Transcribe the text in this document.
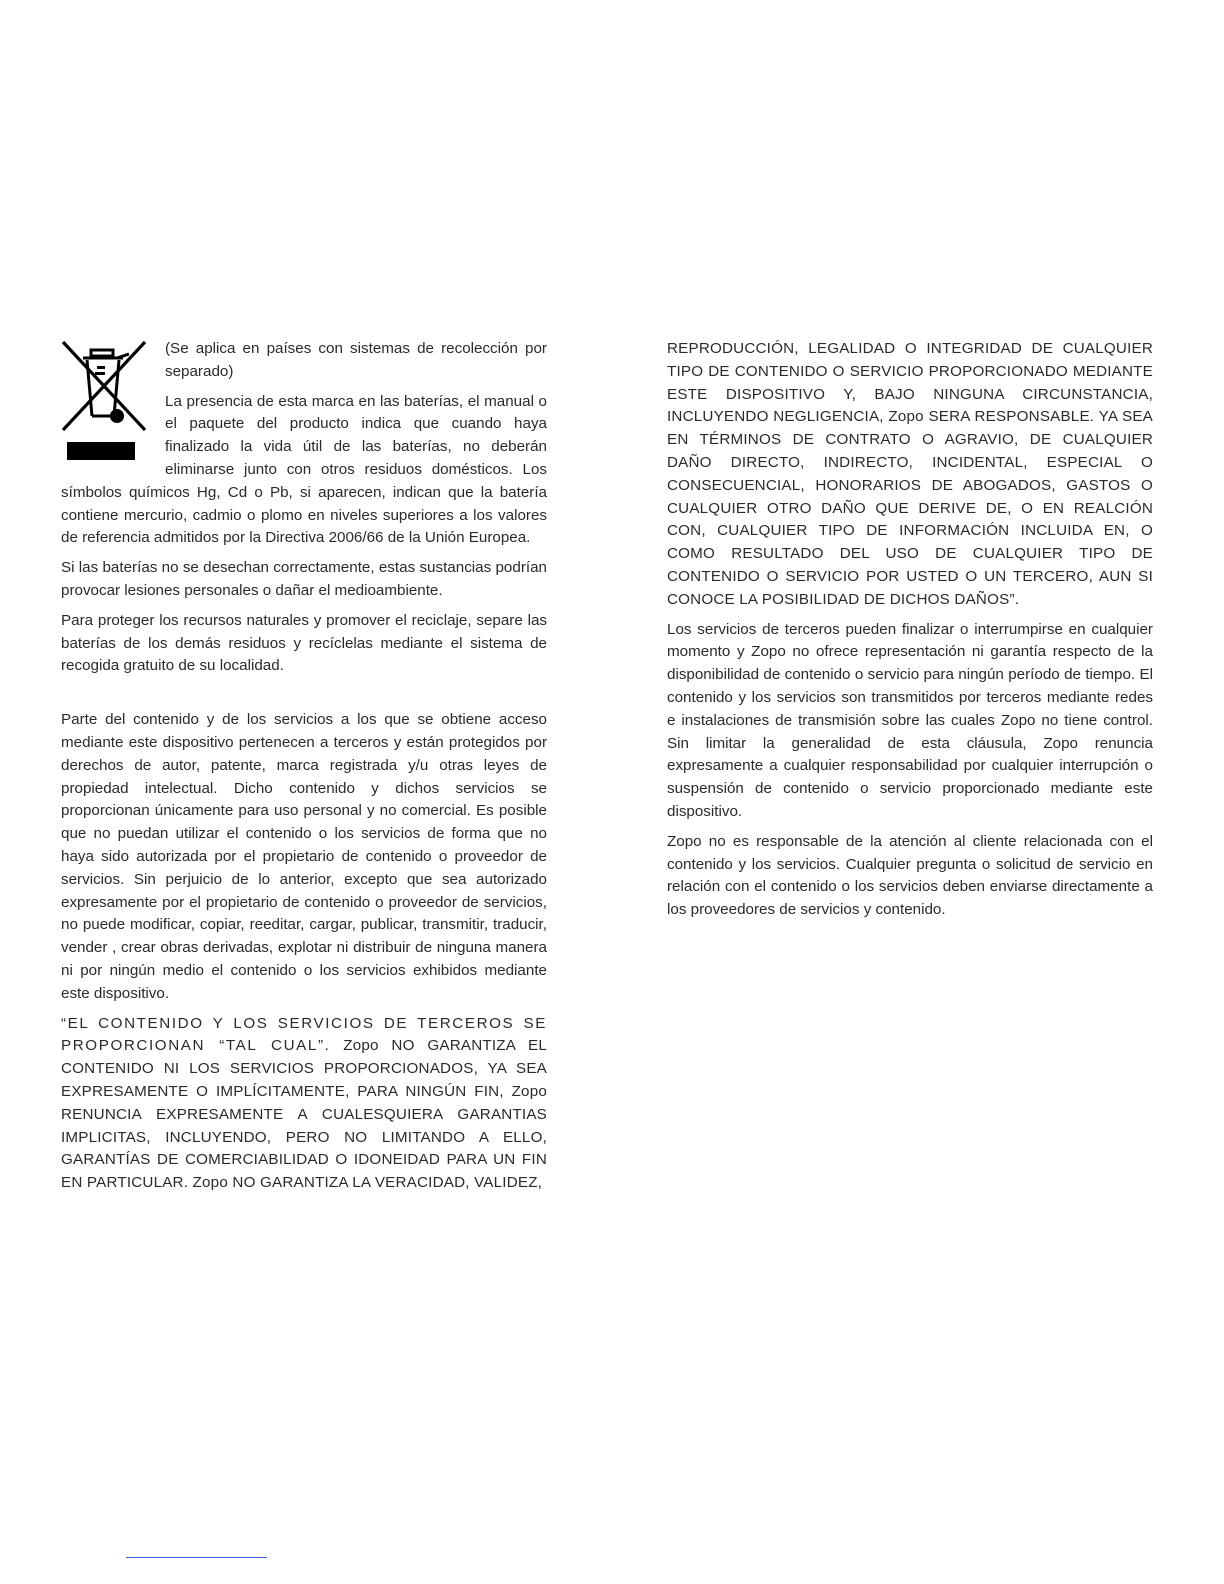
(Se aplica en países con sistemas de recolección por separado)

La presencia de esta marca en las baterías, el manual o el paquete del producto indica que cuando haya finalizado la vida útil de las baterías, no deberán eliminarse junto con otros residuos domésticos. Los símbolos químicos Hg, Cd o Pb, si aparecen, indican que la batería contiene mercurio, cadmio o plomo en niveles superiores a los valores de referencia admitidos por la Directiva 2006/66 de la Unión Europea.

Si las baterías no se desechan correctamente, estas sustancias podrían provocar lesiones personales o dañar el medioambiente.

Para proteger los recursos naturales y promover el reciclaje, separe las baterías de los demás residuos y recíclelas mediante el sistema de recogida gratuito de su localidad.

Parte del contenido y de los servicios a los que se obtiene acceso mediante este dispositivo pertenecen a terceros y están protegidos por derechos de autor, patente, marca registrada y/u otras leyes de propiedad intelectual. Dicho contenido y dichos servicios se proporcionan únicamente para uso personal y no comercial. Es posible que no puedan utilizar el contenido o los servicios de forma que no haya sido autorizada por el propietario de contenido o proveedor de servicios. Sin perjuicio de lo anterior, excepto que sea autorizado expresamente por el propietario de contenido o proveedor de servicios, no puede modificar, copiar, reeditar, cargar, publicar, transmitir, traducir, vender , crear obras derivadas, explotar ni distribuir de ninguna manera ni por ningún medio el contenido o los servicios exhibidos mediante este dispositivo.

“EL CONTENIDO Y LOS SERVICIOS DE TERCEROS SE PROPORCIONAN “TAL CUAL”. Zopo NO GARANTIZA EL CONTENIDO NI LOS SERVICIOS PROPORCIONADOS, YA SEA EXPRESAMENTE O IMPLÍCITAMENTE, PARA NINGÚN FIN, Zopo RENUNCIA EXPRESAMENTE A CUALESQUIERA GARANTIAS IMPLICITAS, INCLUYENDO, PERO NO LIMITANDO A ELLO, GARANTÍAS DE COMERCIABILIDAD O IDONEIDAD PARA UN FIN EN PARTICULAR. Zopo NO GARANTIZA LA VERACIDAD, VALIDEZ,

REPRODUCCIÓN, LEGALIDAD O INTEGRIDAD DE CUALQUIER TIPO DE CONTENIDO O SERVICIO PROPORCIONADO MEDIANTE ESTE DISPOSITIVO Y, BAJO NINGUNA CIRCUNSTANCIA, INCLUYENDO NEGLIGENCIA, Zopo SERA RESPONSABLE. YA SEA EN TÉRMINOS DE CONTRATO O AGRAVIO, DE CUALQUIER DAÑO DIRECTO, INDIRECTO, INCIDENTAL, ESPECIAL O CONSECUENCIAL, HONORARIOS DE ABOGADOS, GASTOS O CUALQUIER OTRO DAÑO QUE DERIVE DE, O EN REALCIÓN CON, CUALQUIER TIPO DE INFORMACIÓN INCLUIDA EN, O COMO RESULTADO DEL USO DE CUALQUIER TIPO DE CONTENIDO O SERVICIO POR USTED O UN TERCERO, AUN SI CONOCE LA POSIBILIDAD DE DICHOS DAÑOS”.

Los servicios de terceros pueden finalizar o interrumpirse en cualquier momento y Zopo no ofrece representación ni garantía respecto de la disponibilidad de contenido o servicio para ningún período de tiempo. El contenido y los servicios son transmitidos por terceros mediante redes e instalaciones de transmisión sobre las cuales Zopo no tiene control. Sin limitar la generalidad de esta cláusula, Zopo renuncia expresamente a cualquier responsabilidad por cualquier interrupción o suspensión de contenido o servicio proporcionado mediante este dispositivo.

Zopo no es responsable de la atención al cliente relacionada con el contenido y los servicios. Cualquier pregunta o solicitud de servicio en relación con el contenido o los servicios deben enviarse directamente a los proveedores de servicios y contenido.
